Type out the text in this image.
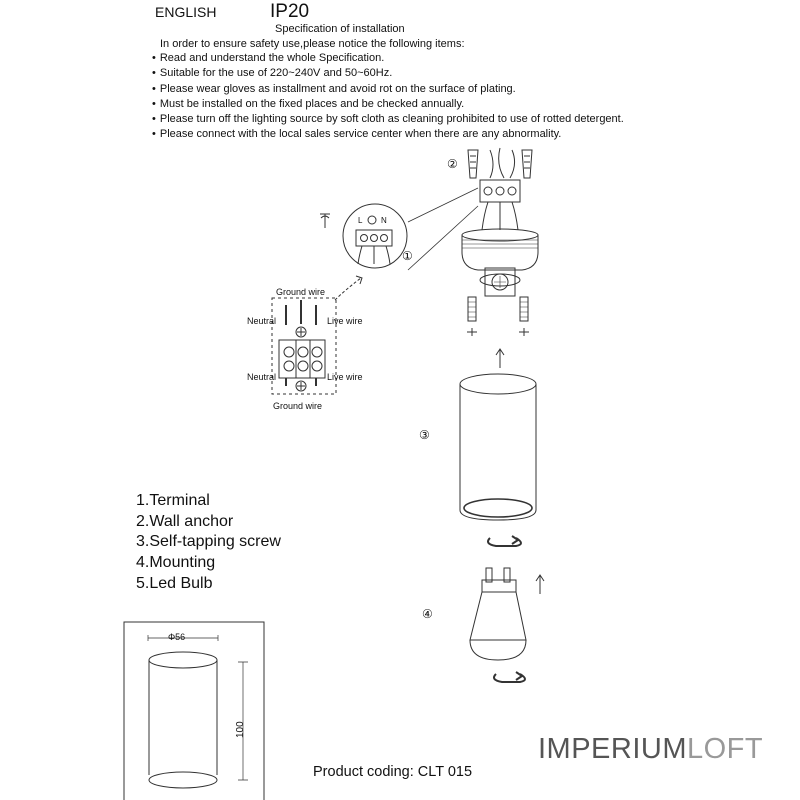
ENGLISH	IP20
Specification of installation
In order to ensure safety use,please notice the following items:
• Read and understand the whole Specification.
• Suitable for the use of 220~240V and 50~60Hz.
• Please wear gloves as installment and avoid rot on the surface of plating.
• Must be installed on the fixed places and be checked annually.
• Please turn off the lighting source by soft cloth as cleaning prohibited to use of rotted detergent.
• Please connect with the local sales service center when there are any abnormality.
②
①
③
④
L N
Ground wire
Neutral	Live wire
Neutral	Live wire
Ground wire
Φ56
100
1.Terminal
2.Wall anchor
3.Self-tapping screw
4.Mounting
5.Led Bulb
Product coding: CLT 015
IMPERIUMLOFT
